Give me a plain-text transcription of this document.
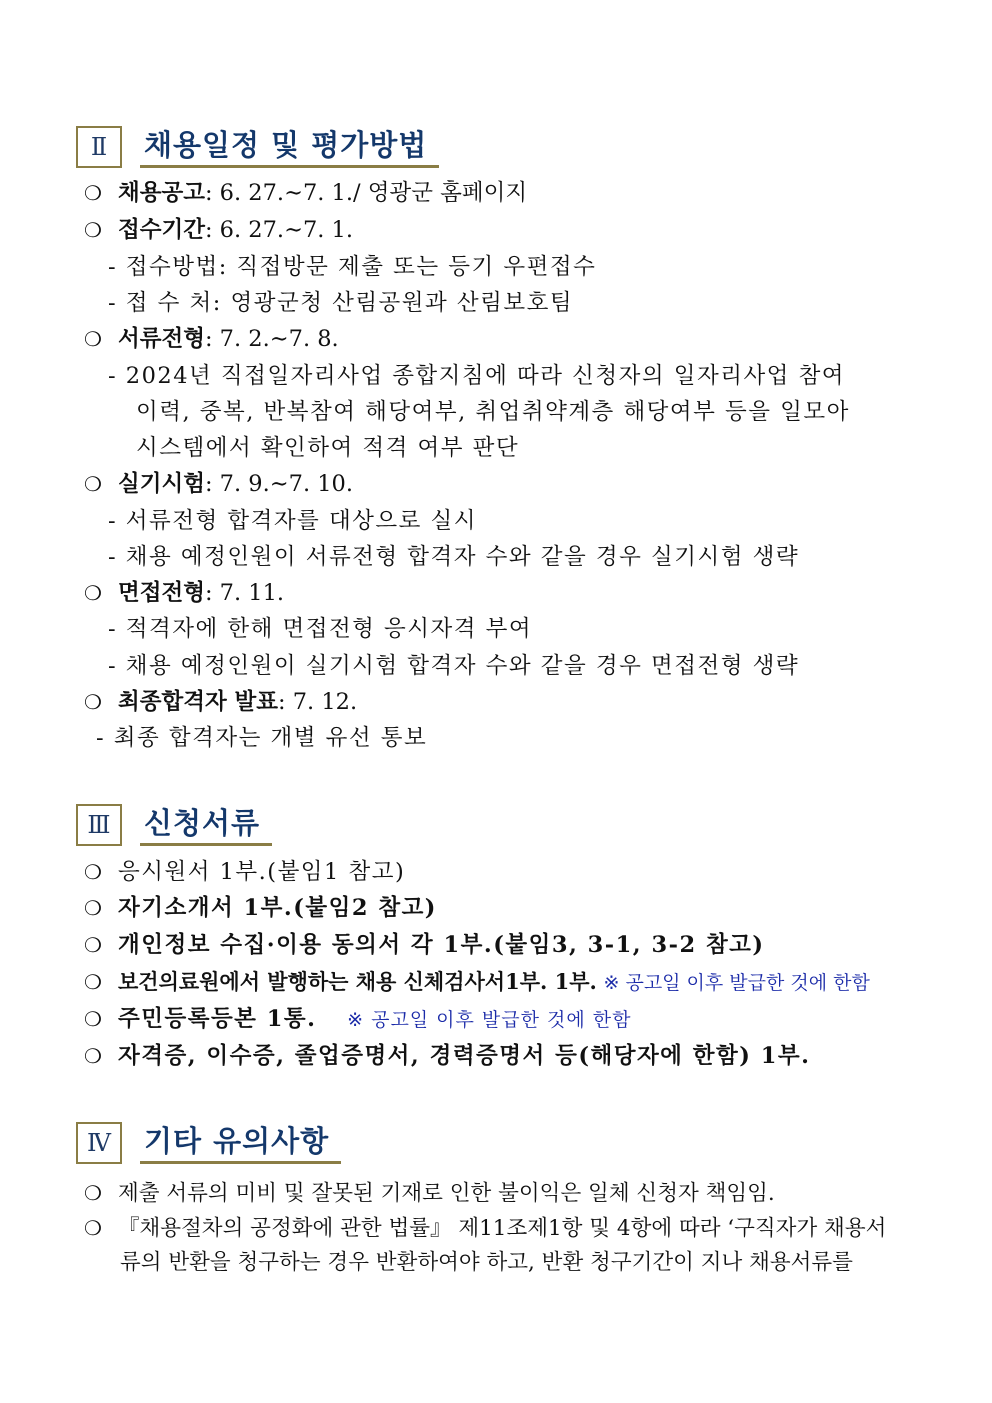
Ⅱ	채용일정 및 평가방법
❍ 채용공고: 6. 27.∼7. 1./ 영광군 홈페이지
❍ 접수기간: 6. 27.∼7. 1.
- 접수방법: 직접방문 제출 또는 등기 우편접수
- 접 수 처: 영광군청 산림공원과 산림보호팀
❍ 서류전형: 7. 2.∼7. 8.
- 2024년 직접일자리사업 종합지침에 따라 신청자의 일자리사업 참여
이력, 중복, 반복참여 해당여부, 취업취약계층 해당여부 등을 일모아
시스템에서 확인하여 적격 여부 판단
❍ 실기시험: 7. 9.∼7. 10.
- 서류전형 합격자를 대상으로 실시
- 채용 예정인원이 서류전형 합격자 수와 같을 경우 실기시험 생략
❍ 면접전형: 7. 11.
- 적격자에 한해 면접전형 응시자격 부여
- 채용 예정인원이 실기시험 합격자 수와 같을 경우 면접전형 생략
❍ 최종합격자 발표: 7. 12.
- 최종 합격자는 개별 유선 통보
Ⅲ	신청서류
❍ 응시원서 1부.(붙임1 참고)
❍ 자기소개서 1부.(붙임2 참고)
❍ 개인정보 수집·이용 동의서 각 1부.(붙임3, 3-1, 3-2 참고)
❍ 보건의료원에서 발행하는 채용 신체검사서1부. 1부. ※ 공고일 이후 발급한 것에 한함
❍ 주민등록등본 1통. ※ 공고일 이후 발급한 것에 한함
❍ 자격증, 이수증, 졸업증명서, 경력증명서 등(해당자에 한함) 1부.
Ⅳ	기타 유의사항
❍ 제출 서류의 미비 및 잘못된 기재로 인한 불이익은 일체 신청자 책임임.
❍ 『채용절차의 공정화에 관한 법률』 제11조제1항 및 4항에 따라 ‘구직자가 채용서
류의 반환을 청구하는 경우 반환하여야 하고, 반환 청구기간이 지나 채용서류를
